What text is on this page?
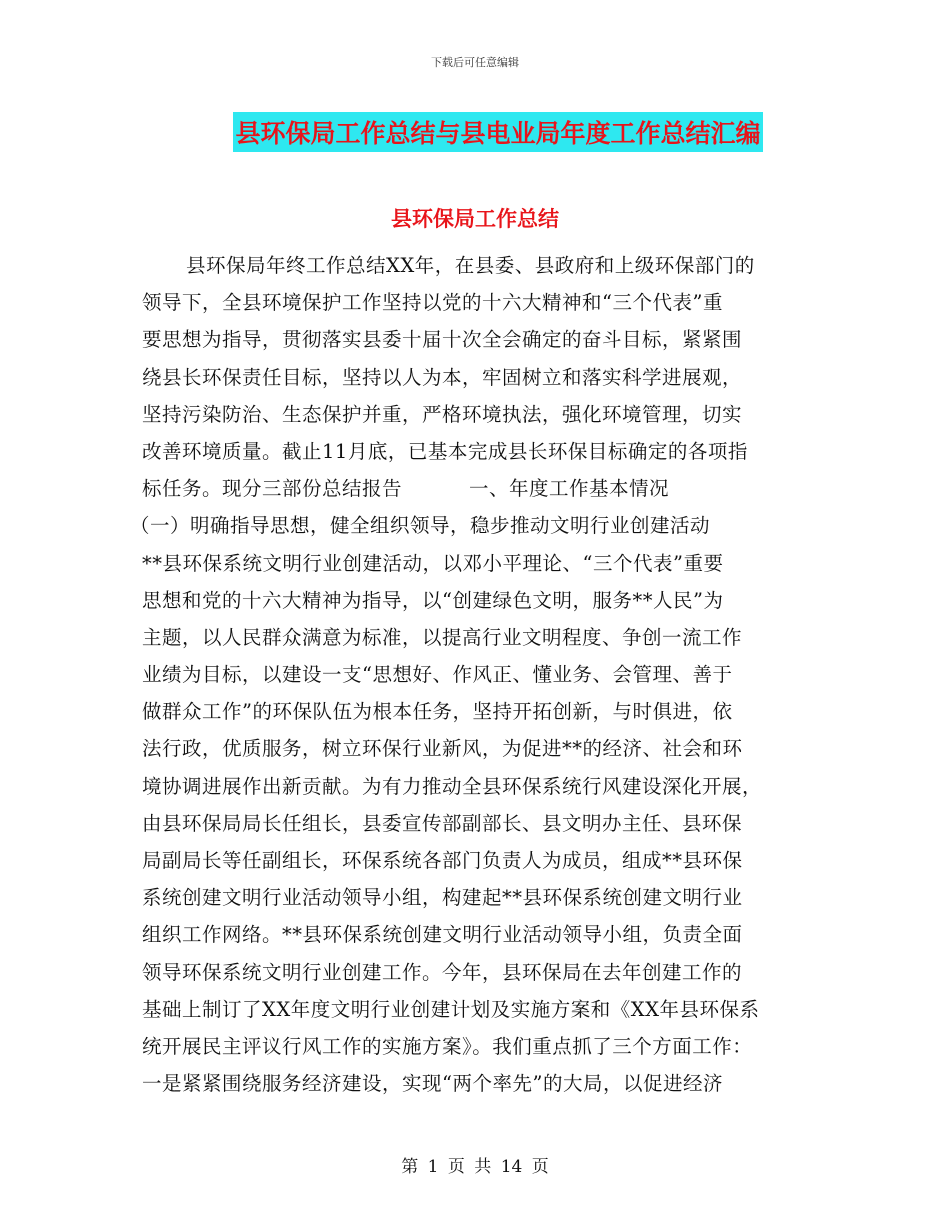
下载后可任意编辑
县环保局工作总结与县电业局年度工作总结汇编
县环保局工作总结
县环保局年终工作总结XX年，在县委、县政府和上级环保部门的
领导下，全县环境保护工作坚持以党的十六大精神和“三个代表”重
要思想为指导，贯彻落实县委十届十次全会确定的奋斗目标，紧紧围
绕县长环保责任目标，坚持以人为本，牢固树立和落实科学进展观，
坚持污染防治、生态保护并重，严格环境执法，强化环境管理，切实
改善环境质量。截止11月底，已基本完成县长环保目标确定的各项指
标任务。现分三部份总结报告          一、年度工作基本情况
（一）明确指导思想，健全组织领导，稳步推动文明行业创建活动
**县环保系统文明行业创建活动，以邓小平理论、“三个代表”重要
思想和党的十六大精神为指导，以“创建绿色文明，服务**人民”为
主题，以人民群众满意为标准，以提高行业文明程度、争创一流工作
业绩为目标，以建设一支“思想好、作风正、懂业务、会管理、善于
做群众工作”的环保队伍为根本任务，坚持开拓创新，与时俱进，依
法行政，优质服务，树立环保行业新风，为促进**的经济、社会和环
境协调进展作出新贡献。为有力推动全县环保系统行风建设深化开展，
由县环保局局长任组长，县委宣传部副部长、县文明办主任、县环保
局副局长等任副组长，环保系统各部门负责人为成员，组成**县环保
系统创建文明行业活动领导小组，构建起**县环保系统创建文明行业
组织工作网络。**县环保系统创建文明行业活动领导小组，负责全面
领导环保系统文明行业创建工作。今年，县环保局在去年创建工作的
基础上制订了XX年度文明行业创建计划及实施方案和《XX年县环保系
统开展民主评议行风工作的实施方案》。我们重点抓了三个方面工作：
一是紧紧围绕服务经济建设，实现“两个率先”的大局，以促进经济
第 1 页 共 14 页
